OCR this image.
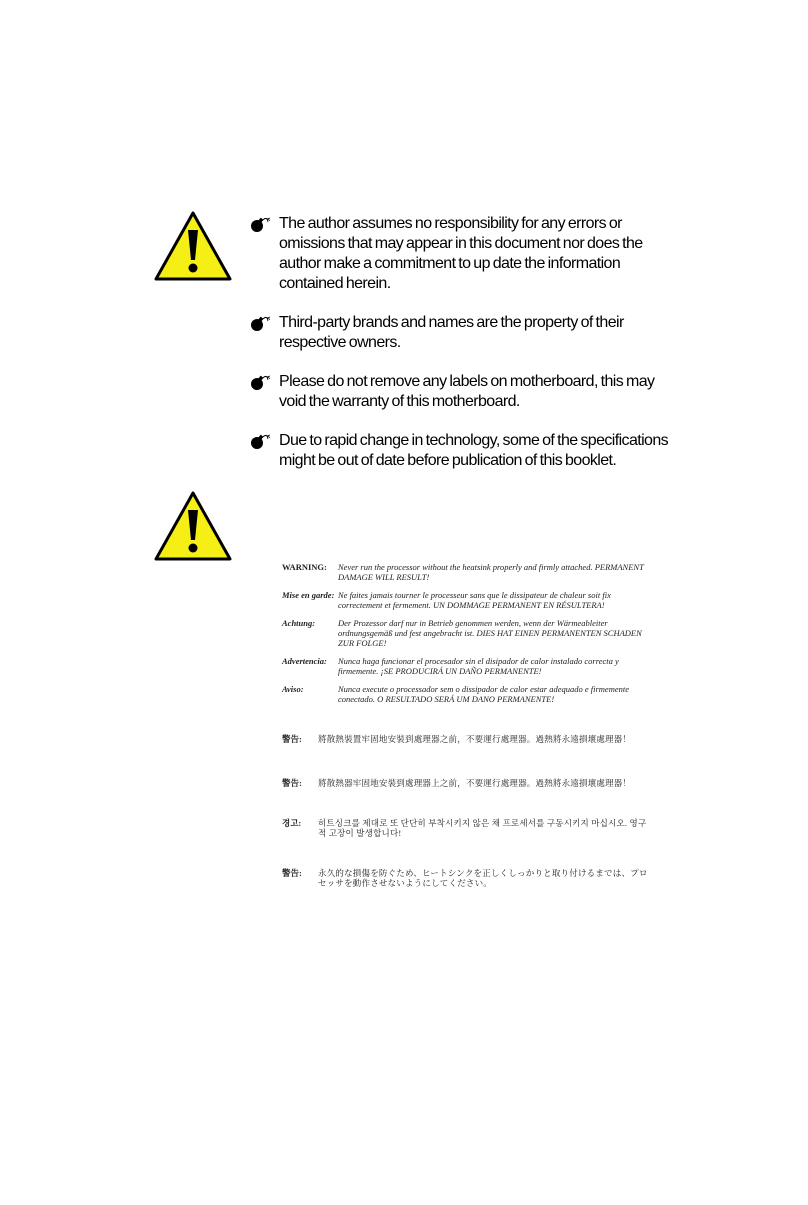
The author assumes no responsibility for any errors or omissions that may appear in this document nor does the author make a commitment to up date the information contained herein.
Third-party brands and names are the property of their respective owners.
Please do not remove any labels on motherboard, this may void the warranty of this motherboard.
Due to rapid change in technology, some of the specifications might be out of date before publication of this booklet.
WARNING:	Never run the processor without the heatsink properly and firmly attached. PERMANENT DAMAGE WILL RESULT!
Mise en garde: Ne faites jamais tourner le processeur sans que le dissipateur de chaleur soit fix correctement et fermement. UN DOMMAGE PERMANENT EN RÉSULTERA!
Achtung:	Der Prozessor darf nur in Betrieb genommen werden, wenn der Wärmeableiter ordnungsgemäß und fest angebracht ist. DIES HAT EINEN PERMANENTEN SCHADEN ZUR FOLGE!
Advertencia:	Nunca haga funcionar el procesador sin el disipador de calor instalado correcta y firmemente. ¡SE PRODUCIRÁ UN DAÑO PERMANENTE!
Aviso:	Nunca execute o processador sem o dissipador de calor estar adequado e firmemente conectado. O RESULTADO SERÁ UM DANO PERMANENTE!
警告:	將散熱裝置牢固地安裝到處理器之前，不要運行處理器。過熱將永遠損壞處理器！
警告:	將散熱器牢固地安裝到處理器上之前，不要運行處理器。過熱將永遠損壞處理器！
경고:	히트싱크를 제대로 또 단단히 부착시키지 않은 채 프로세서를 구동시키지 마십시오. 영구적 고장이 발생합니다!
警告:	永久的な損傷を防ぐため、ヒートシンクを正しくしっかりと取り付けるまでは、プロセッサを動作させないようにしてください。
